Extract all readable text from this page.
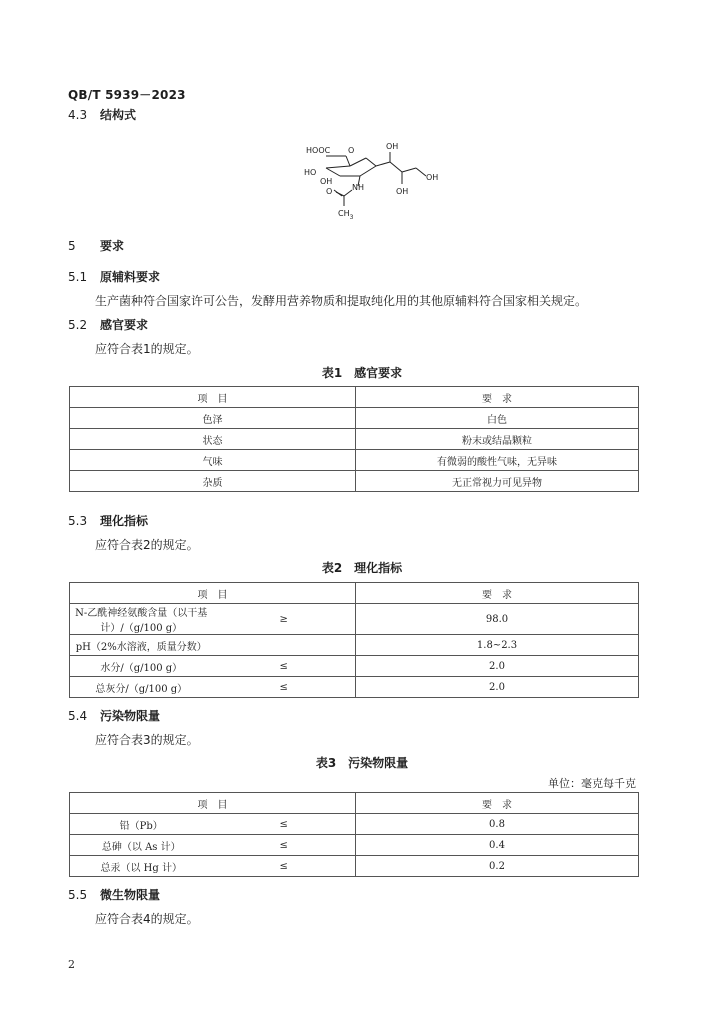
QB/T 5939－2023
4.3 结构式
HOOC O	OH
HO
OH
NH
O
$CH_3$
OH
OH
5 要求
5.1 原辅料要求
生产菌种符合国家许可公告，发酵用营养物质和提取纯化用的其他原辅料符合国家相关规定。
5.2 感官要求
应符合表1的规定。
表1　感官要求
项　目	要　求
色泽	白色
状态	粉末或结晶颗粒
气味	有微弱的酸性气味，无异味
杂质	无正常视力可见异物
5.3 理化指标
应符合表2的规定。
表2　理化指标
项　目		要　求
N-乙酰神经氨酸含量（以干基计）/（g/100 g）	≥	98.0
pH（2%水溶液，质量分数）		1.8~2.3
水分/（g/100 g）	≤	2.0
总灰分/（g/100 g）	≤	2.0
5.4 污染物限量
应符合表3的规定。
表3　污染物限量
单位：毫克每千克
项　目		要　求
铅（Pb）	≤	0.8
总砷（以 As 计）	≤	0.4
总汞（以 Hg 计）	≤	0.2
5.5 微生物限量
应符合表4的规定。
2
